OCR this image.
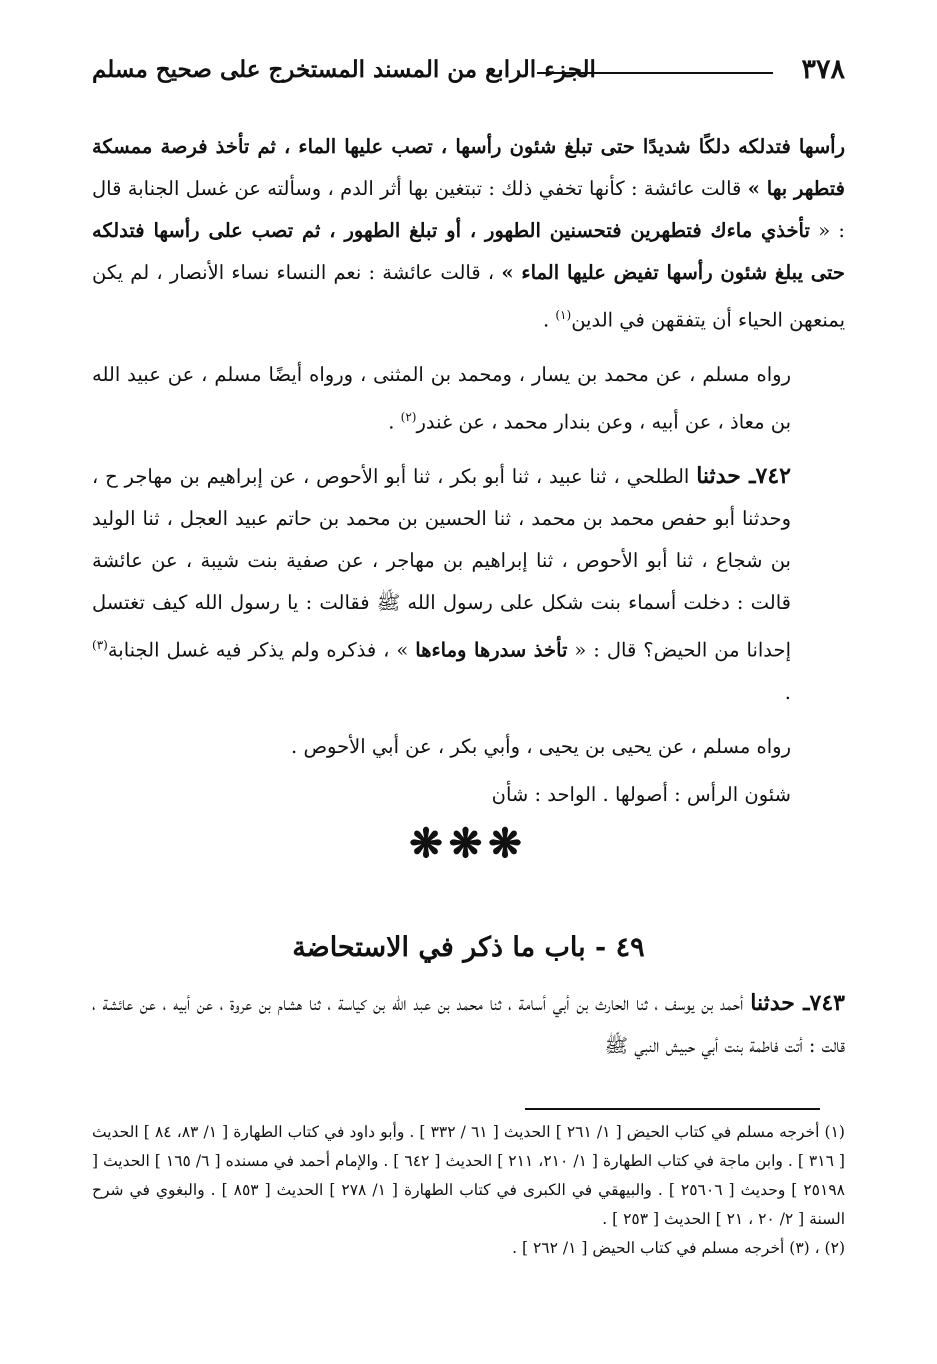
٣٧٨
الجزء الرابع من المسند المستخرج على صحيح مسلم

رأسها فتدلكه دلكًا شديدًا حتى تبلغ شئون رأسها ، تصب عليها الماء ، ثم تأخذ فرصة ممسكة فتطهر بها » قالت عائشة : كأنها تخفي ذلك : تبتغين بها أثر الدم ، وسألته عن غسل الجنابة قال : « تأخذي ماءك فتطهرين فتحسنين الطهور ، أو تبلغ الطهور ، ثم تصب على رأسها فتدلكه حتى يبلغ شئون رأسها تفيض عليها الماء » ، قالت عائشة : نعم النساء نساء الأنصار ، لم يكن يمنعهن الحياء أن يتفقهن في الدين$^{(١)}$ .

رواه مسلم ، عن محمد بن يسار ، ومحمد بن المثنى ، ورواه أيضًا مسلم ، عن عبيد الله بن معاذ ، عن أبيه ، وعن بندار محمد ، عن غندر$^{(٢)}$ .

٧٤٢ـ حدثنا الطلحي ، ثنا عبيد ، ثنا أبو بكر ، ثنا أبو الأحوص ، عن إبراهيم بن مهاجر ح ، وحدثنا أبو حفص محمد بن محمد ، ثنا الحسين بن محمد بن حاتم عبيد العجل ، ثنا الوليد بن شجاع ، ثنا أبو الأحوص ، ثنا إبراهيم بن مهاجر ، عن صفية بنت شيبة ، عن عائشة قالت : دخلت أسماء بنت شكل على رسول الله ﷺ فقالت : يا رسول الله كيف تغتسل إحدانا من الحيض؟ قال : « تأخذ سدرها وماءها » ، فذكره ولم يذكر فيه غسل الجنابة$^{(٣)}$ .

رواه مسلم ، عن يحيى بن يحيى ، وأبي بكر ، عن أبي الأحوص .

شئون الرأس : أصولها . الواحد : شأن

❋❋❋
٤٩ - باب ما ذكر في الاستحاضة

٧٤٣ـ حدثنا أحمد بن يوسف ، ثنا الحارث بن أبي أسامة ، ثنا محمد بن عبد الله بن كياسة ، ثنا هشام بن عروة ، عن أبيه ، عن عائشة ، قالت : أتت فاطمة بنت أبي حبيش النبي ﷺ

(١) أخرجه مسلم في كتاب الحيض [ ١/ ٢٦١ ] الحديث [ ٦١ / ٣٣٢ ] . وأبو داود في كتاب الطهارة [ ١/ ٨٣، ٨٤ ] الحديث [ ٣١٦ ] . وابن ماجة في كتاب الطهارة [ ١/ ٢١٠، ٢١١ ] الحديث [ ٦٤٢ ] . والإمام أحمد في مسنده [ ٦/ ١٦٥ ] الحديث [ ٢٥١٩٨ ] وحديث [ ٢٥٦٠٦ ] . والبيهقي في الكبرى في كتاب الطهارة [ ١/ ٢٧٨ ] الحديث [ ٨٥٣ ] . والبغوي في شرح السنة [ ٢/ ٢٠ ، ٢١ ] الحديث [ ٢٥٣ ] .

(٢) ، (٣) أخرجه مسلم في كتاب الحيض [ ١/ ٢٦٢ ] .
